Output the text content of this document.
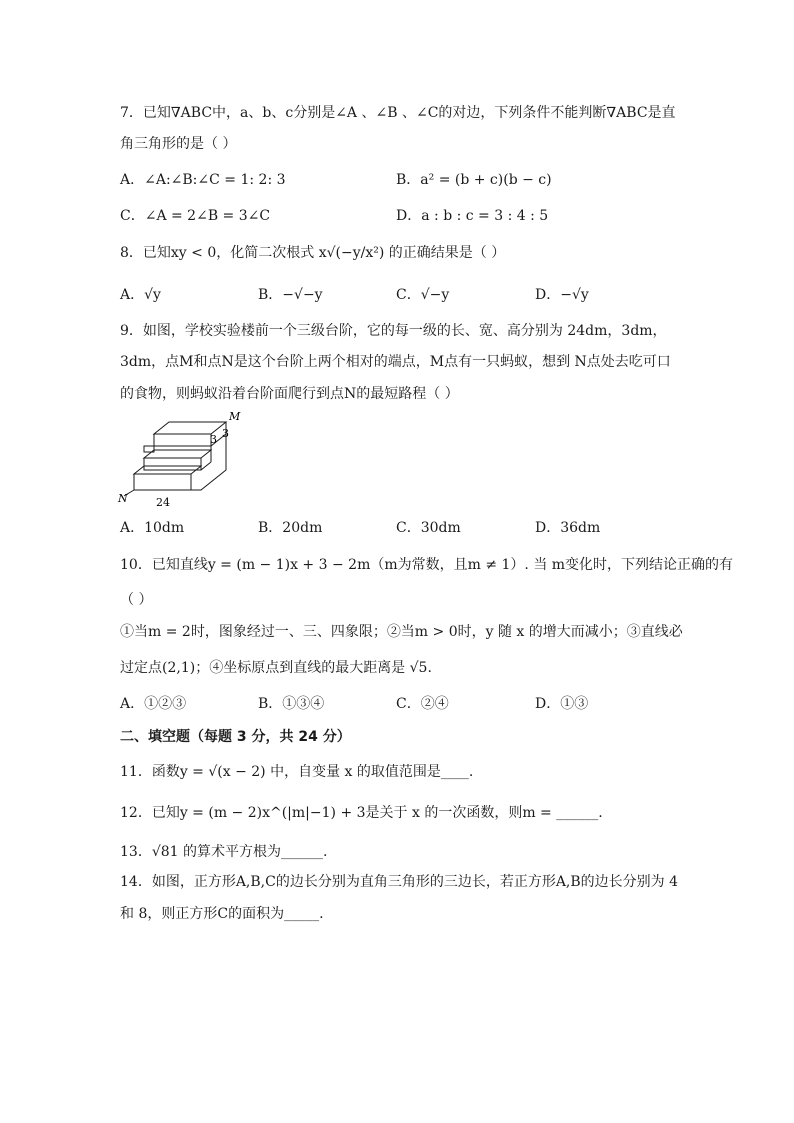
7．已知∇ABC中，a、b、c分别是∠A 、∠B 、∠C的对边，下列条件不能判断∇ABC是直
角三角形的是（ ）
A．∠A:∠B:∠C = 1: 2: 3	B．a² = (b + c)(b − c)
C．∠A = 2∠B = 3∠C	D．a : b : c = 3 : 4 : 5
8．已知xy < 0，化简二次根式 x√(−y/x²) 的正确结果是（ ）
A．√y	B．−√−y	C．√−y	D．−√y
9．如图，学校实验楼前一个三级台阶，它的每一级的长、宽、高分别为 24dm，3dm，
3dm，点M和点N是这个台阶上两个相对的端点，M点有一只蚂蚁，想到 N点处去吃可口
的食物，则蚂蚁沿着台阶面爬行到点N的最短路程（ ）
M
3 3
N	24
A．10dm	B．20dm	C．30dm	D．36dm
10．已知直线y = (m − 1)x + 3 − 2m（m为常数，且m ≠ 1）. 当 m变化时，下列结论正确的有
（ ）
①当m = 2时，图象经过一、三、四象限；②当m > 0时，y 随 x 的增大而减小；③直线必
过定点(2,1)；④坐标原点到直线的最大距离是 √5.
A．①②③	B．①③④	C．②④	D．①③
二、填空题（每题 3 分，共 24 分）
11．函数y = √(x − 2) 中，自变量 x 的取值范围是____.
12．已知y = (m − 2)x^(|m|−1) + 3是关于 x 的一次函数，则m = ______.
13．√81 的算术平方根为______.
14．如图，正方形A,B,C的边长分别为直角三角形的三边长，若正方形A,B的边长分别为 4
和 8，则正方形C的面积为_____.
